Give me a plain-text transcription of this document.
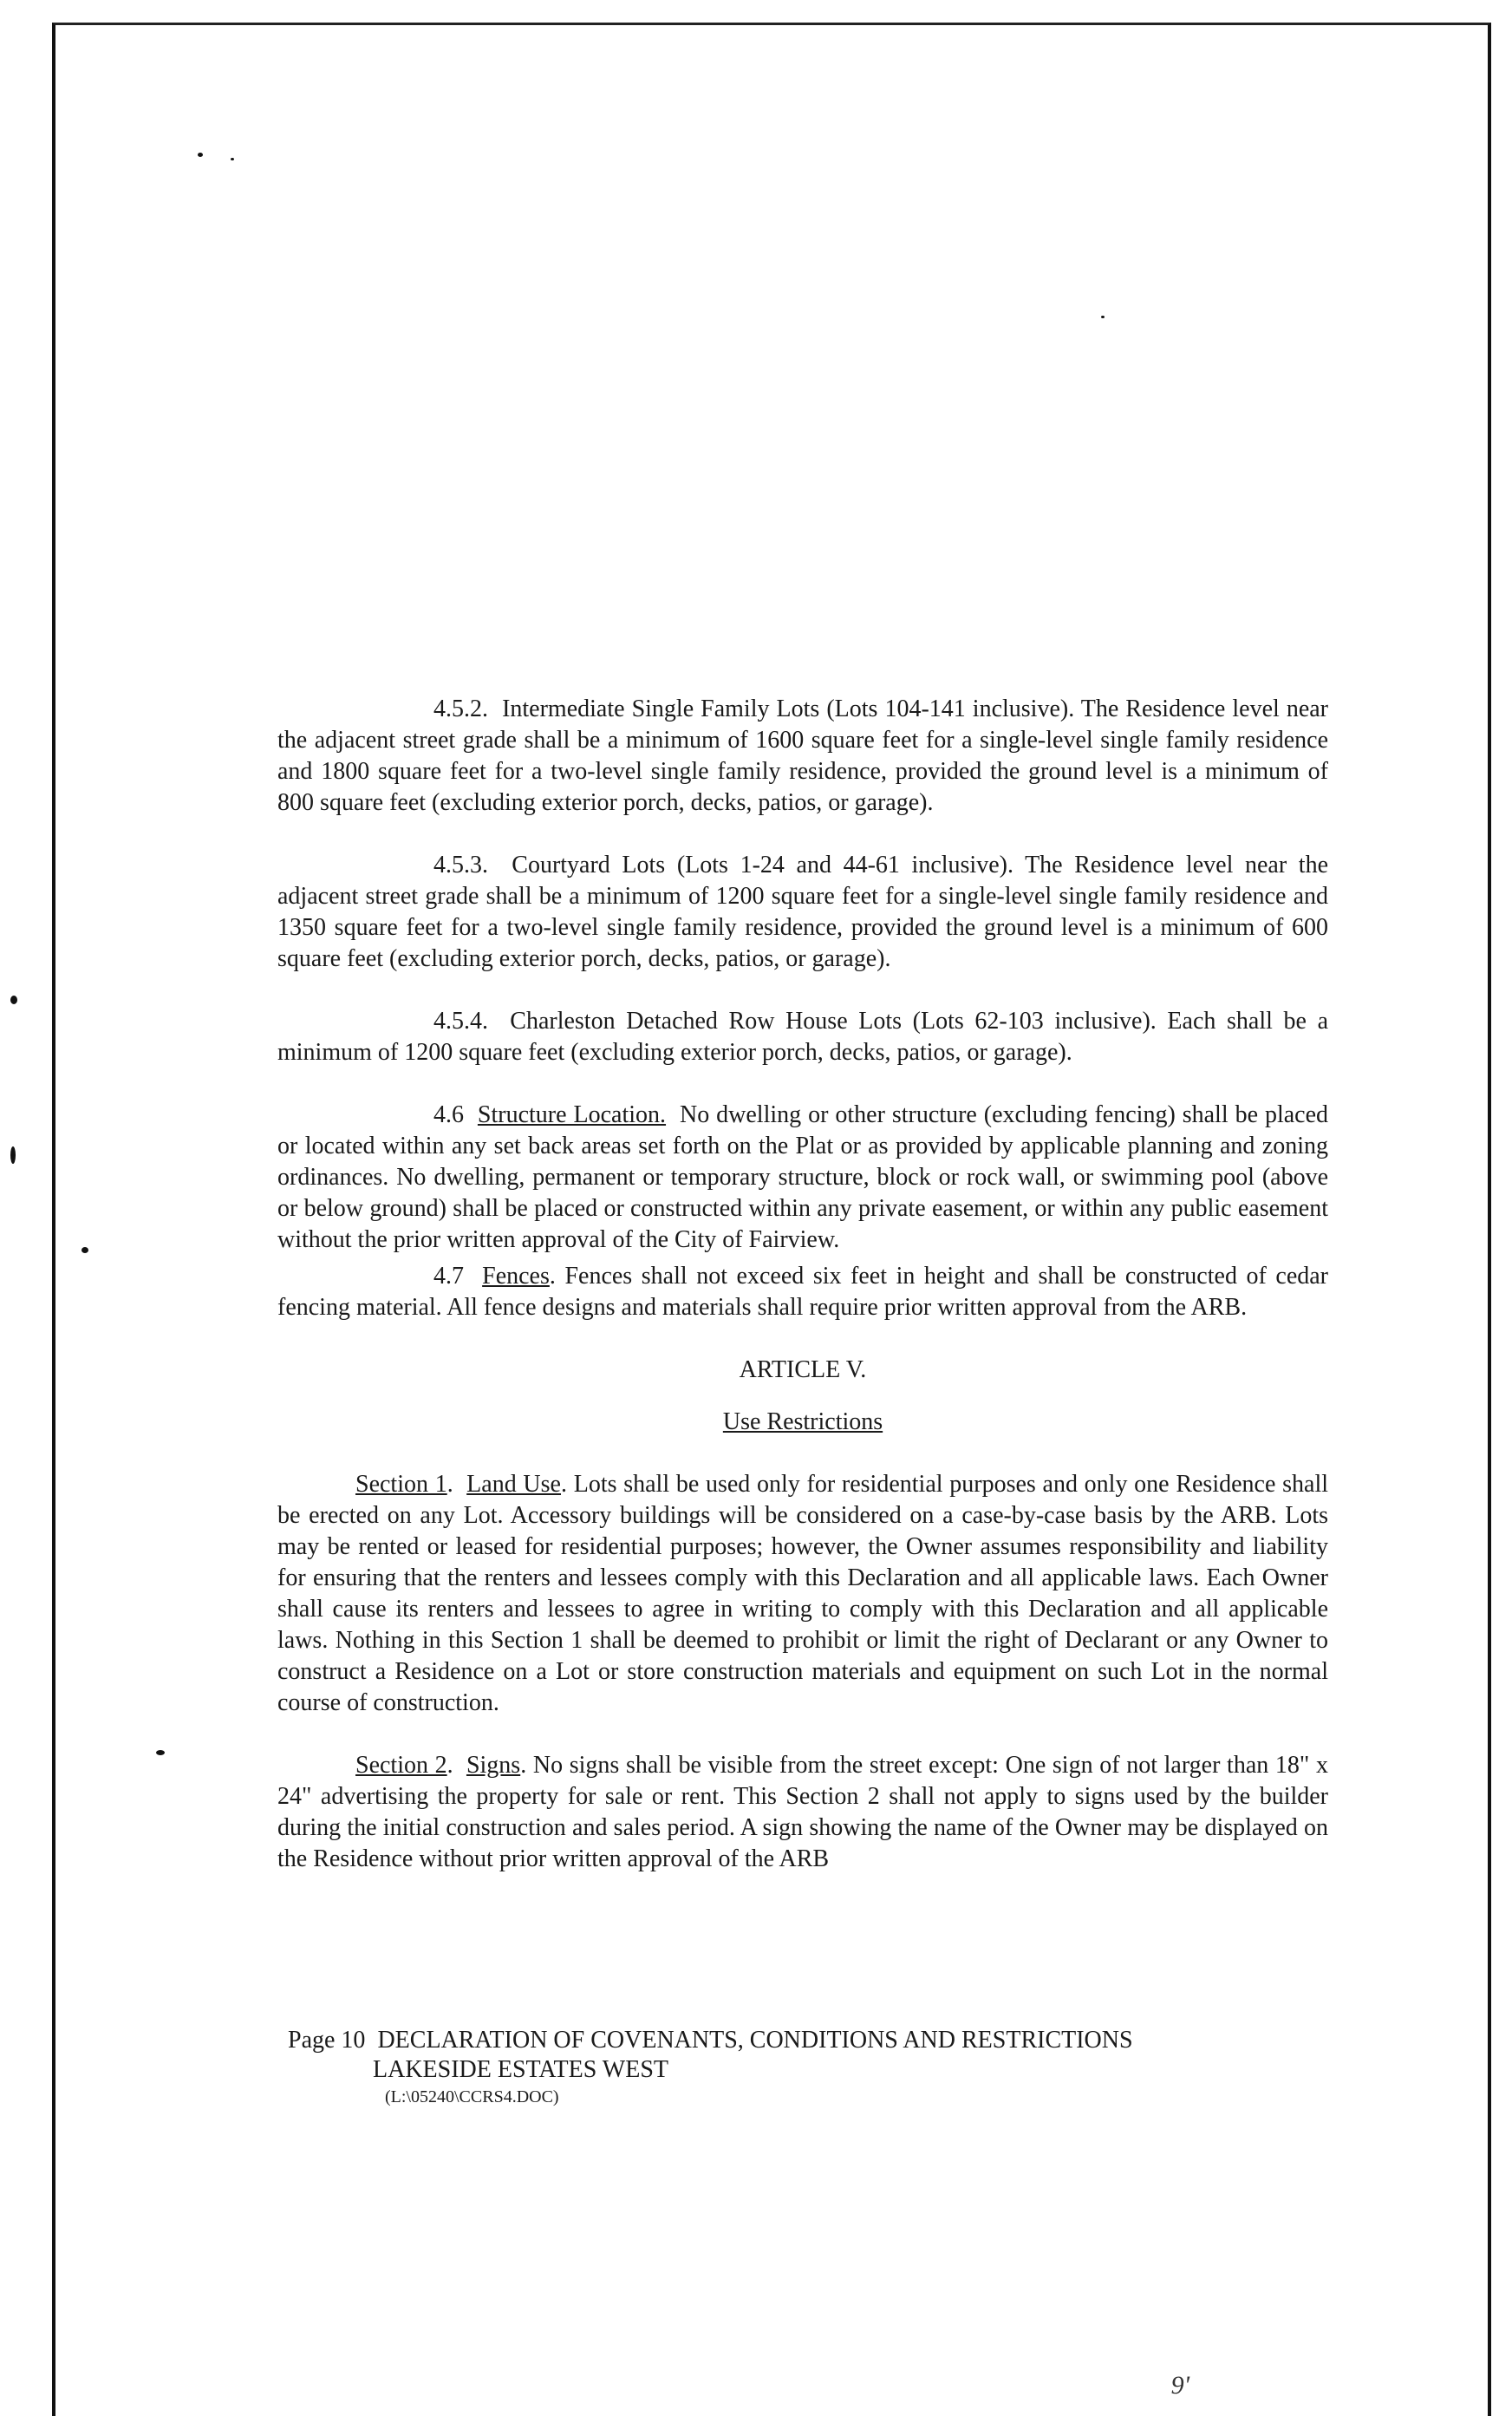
4.5.2. Intermediate Single Family Lots (Lots 104-141 inclusive). The Residence level near the adjacent street grade shall be a minimum of 1600 square feet for a single-level single family residence and 1800 square feet for a two-level single family residence, provided the ground level is a minimum of 800 square feet (excluding exterior porch, decks, patios, or garage).

4.5.3. Courtyard Lots (Lots 1-24 and 44-61 inclusive). The Residence level near the adjacent street grade shall be a minimum of 1200 square feet for a single-level single family residence and 1350 square feet for a two-level single family residence, provided the ground level is a minimum of 600 square feet (excluding exterior porch, decks, patios, or garage).

4.5.4. Charleston Detached Row House Lots (Lots 62-103 inclusive). Each shall be a minimum of 1200 square feet (excluding exterior porch, decks, patios, or garage).

4.6 Structure Location. No dwelling or other structure (excluding fencing) shall be placed or located within any set back areas set forth on the Plat or as provided by applicable planning and zoning ordinances. No dwelling, permanent or temporary structure, block or rock wall, or swimming pool (above or below ground) shall be placed or constructed within any private easement, or within any public easement without the prior written approval of the City of Fairview.

4.7 Fences. Fences shall not exceed six feet in height and shall be constructed of cedar fencing material. All fence designs and materials shall require prior written approval from the ARB.

ARTICLE V.
Use Restrictions

Section 1.  Land Use. Lots shall be used only for residential purposes and only one Residence shall be erected on any Lot. Accessory buildings will be considered on a case-by-case basis by the ARB. Lots may be rented or leased for residential purposes; however, the Owner assumes responsibility and liability for ensuring that the renters and lessees comply with this Declaration and all applicable laws. Each Owner shall cause its renters and lessees to agree in writing to comply with this Declaration and all applicable laws. Nothing in this Section 1 shall be deemed to prohibit or limit the right of Declarant or any Owner to construct a Residence on a Lot or store construction materials and equipment on such Lot in the normal course of construction.

Section 2.  Signs. No signs shall be visible from the street except: One sign of not larger than 18" x 24" advertising the property for sale or rent. This Section 2 shall not apply to signs used by the builder during the initial construction and sales period. A sign showing the name of the Owner may be displayed on the Residence without prior written approval of the ARB

Page 10 DECLARATION OF COVENANTS, CONDITIONS AND RESTRICTIONS
LAKESIDE ESTATES WEST
(L:\05240\CCRS4.DOC)
9'
